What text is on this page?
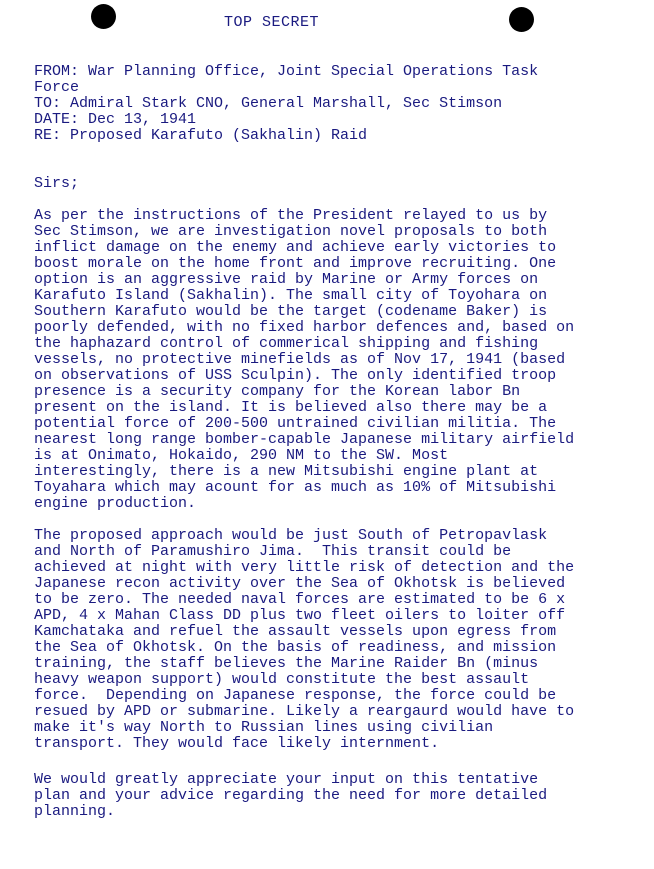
TOP SECRET
FROM: War Planning Office, Joint Special Operations Task
Force
TO: Admiral Stark CNO, General Marshall, Sec Stimson
DATE: Dec 13, 1941
RE: Proposed Karafuto (Sakhalin) Raid
Sirs;
As per the instructions of the President relayed to us by
Sec Stimson, we are investigation novel proposals to both
inflict damage on the enemy and achieve early victories to
boost morale on the home front and improve recruiting. One
option is an aggressive raid by Marine or Army forces on
Karafuto Island (Sakhalin). The small city of Toyohara on
Southern Karafuto would be the target (codename Baker) is
poorly defended, with no fixed harbor defences and, based on
the haphazard control of commerical shipping and fishing
vessels, no protective minefields as of Nov 17, 1941 (based
on observations of USS Sculpin). The only identified troop
presence is a security company for the Korean labor Bn
present on the island. It is believed also there may be a
potential force of 200-500 untrained civilian militia. The
nearest long range bomber-capable Japanese military airfield
is at Onimato, Hokaido, 290 NM to the SW. Most
interestingly, there is a new Mitsubishi engine plant at
Toyahara which may acount for as much as 10% of Mitsubishi
engine production.
The proposed approach would be just South of Petropavlask
and North of Paramushiro Jima.  This transit could be
achieved at night with very little risk of detection and the
Japanese recon activity over the Sea of Okhotsk is believed
to be zero. The needed naval forces are estimated to be 6 x
APD, 4 x Mahan Class DD plus two fleet oilers to loiter off
Kamchataka and refuel the assault vessels upon egress from
the Sea of Okhotsk. On the basis of readiness, and mission
training, the staff believes the Marine Raider Bn (minus
heavy weapon support) would constitute the best assault
force.  Depending on Japanese response, the force could be
resued by APD or submarine. Likely a reargaurd would have to
make it's way North to Russian lines using civilian
transport. They would face likely internment.
We would greatly appreciate your input on this tentative
plan and your advice regarding the need for more detailed
planning.
